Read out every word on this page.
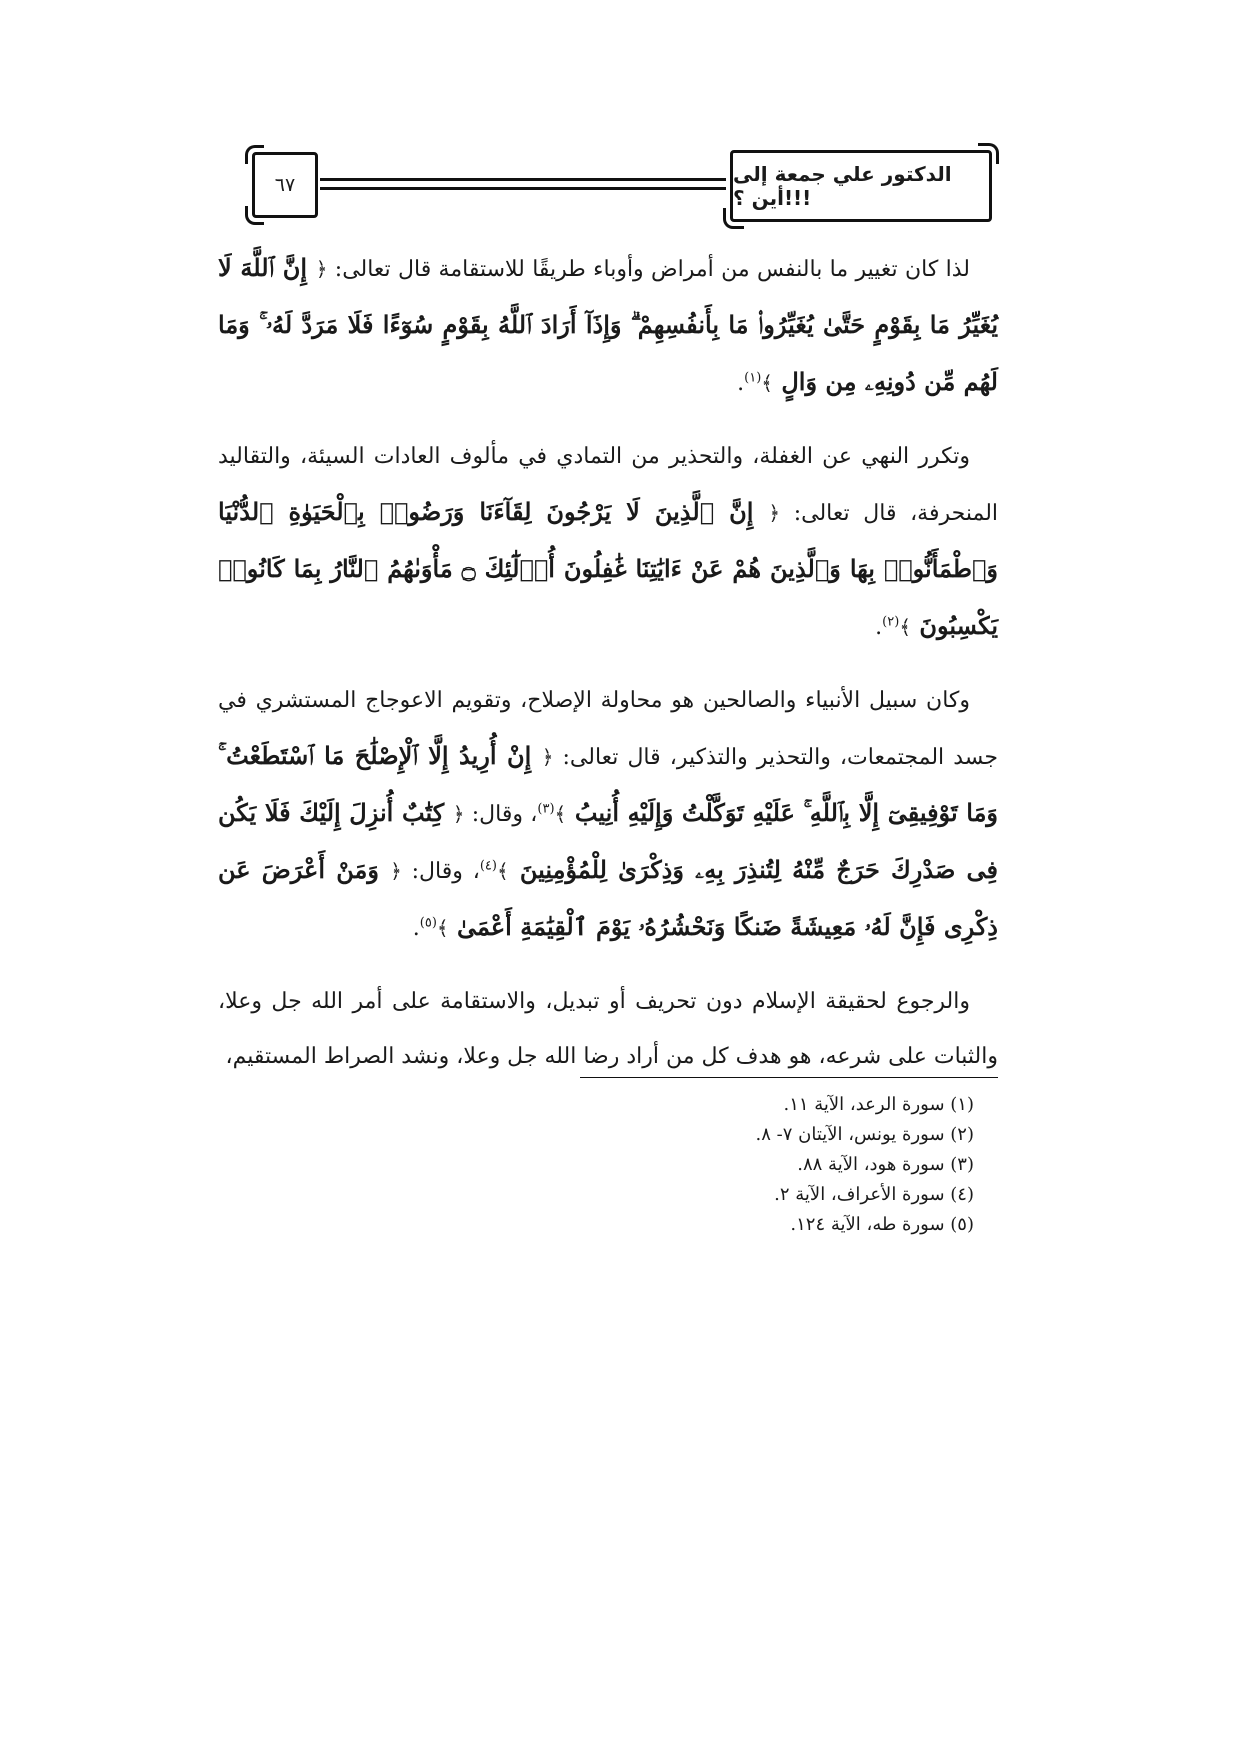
٦٧	الدكتور علي جمعة إلى أين ؟!!!

لذا كان تغيير ما بالنفس من أمراض وأوباء طريقًا للاستقامة قال تعالى: ﴿ إِنَّ ٱللَّهَ لَا يُغَيِّرُ مَا بِقَوْمٍ حَتَّىٰ يُغَيِّرُوا۟ مَا بِأَنفُسِهِمْ ۗ وَإِذَآ أَرَادَ ٱللَّهُ بِقَوْمٍ سُوٓءًا فَلَا مَرَدَّ لَهُۥ ۚ وَمَا لَهُم مِّن دُونِهِۦ مِن وَالٍ ﴾$^{(١)}$.

وتكرر النهي عن الغفلة، والتحذير من التمادي في مألوف العادات السيئة، والتقاليد المنحرفة، قال تعالى: ﴿ إِنَّ ٱلَّذِينَ لَا يَرْجُونَ لِقَآءَنَا وَرَضُوا۟ بِٱلْحَيَوٰةِ ٱلدُّنْيَا وَٱطْمَأَنُّوا۟ بِهَا وَٱلَّذِينَ هُمْ عَنْ ءَايَٰتِنَا غَٰفِلُونَ أُو۟لَٰٓئِكَ ۝ مَأْوَىٰهُمُ ٱلنَّارُ بِمَا كَانُوا۟ يَكْسِبُونَ ﴾$^{(٢)}$.

وكان سبيل الأنبياء والصالحين هو محاولة الإصلاح، وتقويم الاعوجاج المستشري في جسد المجتمعات، والتحذير والتذكير، قال تعالى: ﴿ إِنْ أُرِيدُ إِلَّا ٱلْإِصْلَٰحَ مَا ٱسْتَطَعْتُ ۚ وَمَا تَوْفِيقِىٓ إِلَّا بِٱللَّهِ ۚ عَلَيْهِ تَوَكَّلْتُ وَإِلَيْهِ أُنِيبُ ﴾$^{(٣)}$، وقال: ﴿ كِتَٰبٌ أُنزِلَ إِلَيْكَ فَلَا يَكُن فِى صَدْرِكَ حَرَجٌ مِّنْهُ لِتُنذِرَ بِهِۦ وَذِكْرَىٰ لِلْمُؤْمِنِينَ ﴾$^{(٤)}$، وقال: ﴿ وَمَنْ أَعْرَضَ عَن ذِكْرِى فَإِنَّ لَهُۥ مَعِيشَةً ضَنكًا وَنَحْشُرُهُۥ يَوْمَ ٱلْقِيَٰمَةِ أَعْمَىٰ ﴾$^{(٥)}$.

والرجوع لحقيقة الإسلام دون تحريف أو تبديل، والاستقامة على أمر الله جل وعلا، والثبات على شرعه، هو هدف كل من أراد رضا الله جل وعلا، ونشد الصراط المستقيم،

(١) سورة الرعد، الآية ١١.

(٢) سورة يونس، الآيتان ٧- ٨.

(٣) سورة هود، الآية ٨٨.

(٤) سورة الأعراف، الآية ٢.

(٥) سورة طه، الآية ١٢٤.
